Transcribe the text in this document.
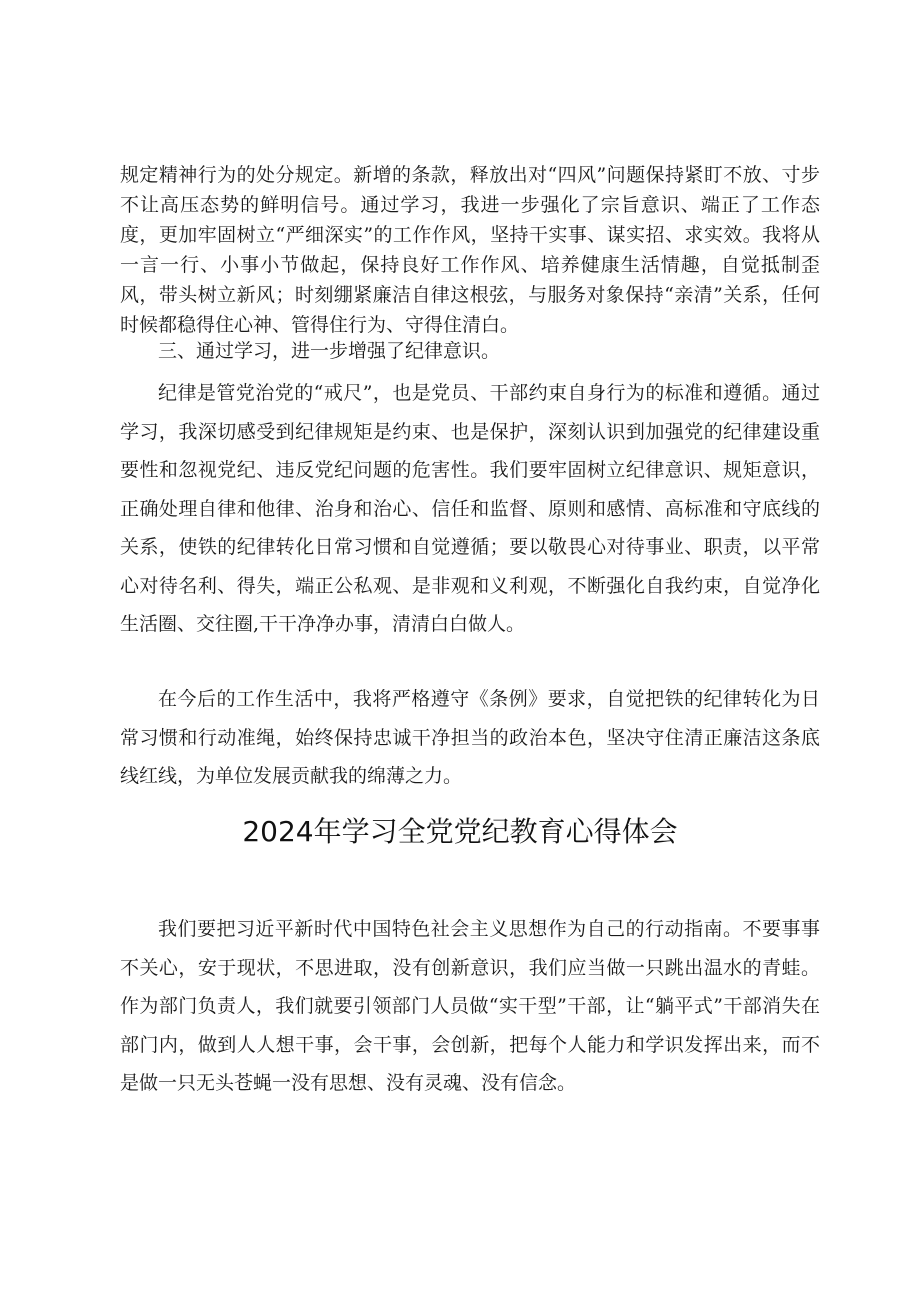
规定精神行为的处分规定。新增的条款，释放出对“四风”问题保持紧盯不放、寸步不让高压态势的鲜明信号。通过学习，我进一步强化了宗旨意识、端正了工作态度，更加牢固树立“严细深实”的工作作风，坚持干实事、谋实招、求实效。我将从一言一行、小事小节做起，保持良好工作作风、培养健康生活情趣，自觉抵制歪风，带头树立新风；时刻绷紧廉洁自律这根弦，与服务对象保持“亲清”关系，任何时候都稳得住心神、管得住行为、守得住清白。

三、通过学习，进一步增强了纪律意识。

纪律是管党治党的“戒尺”，也是党员、干部约束自身行为的标准和遵循。通过学习，我深切感受到纪律规矩是约束、也是保护，深刻认识到加强党的纪律建设重要性和忽视党纪、违反党纪问题的危害性。我们要牢固树立纪律意识、规矩意识，正确处理自律和他律、治身和治心、信任和监督、原则和感情、高标准和守底线的关系，使铁的纪律转化日常习惯和自觉遵循；要以敬畏心对待事业、职责，以平常心对待名利、得失，端正公私观、是非观和义利观，不断强化自我约束，自觉净化生活圈、交往圈,干干净净办事，清清白白做人。

在今后的工作生活中，我将严格遵守《条例》要求，自觉把铁的纪律转化为日常习惯和行动准绳，始终保持忠诚干净担当的政治本色，坚决守住清正廉洁这条底线红线，为单位发展贡献我的绵薄之力。

2024年学习全党党纪教育心得体会

我们要把习近平新时代中国特色社会主义思想作为自己的行动指南。不要事事不关心，安于现状，不思进取，没有创新意识，我们应当做一只跳出温水的青蛙。作为部门负责人，我们就要引领部门人员做“实干型”干部，让“躺平式”干部消失在部门内，做到人人想干事，会干事，会创新，把每个人能力和学识发挥出来，而不是做一只无头苍蝇一没有思想、没有灵魂、没有信念。
